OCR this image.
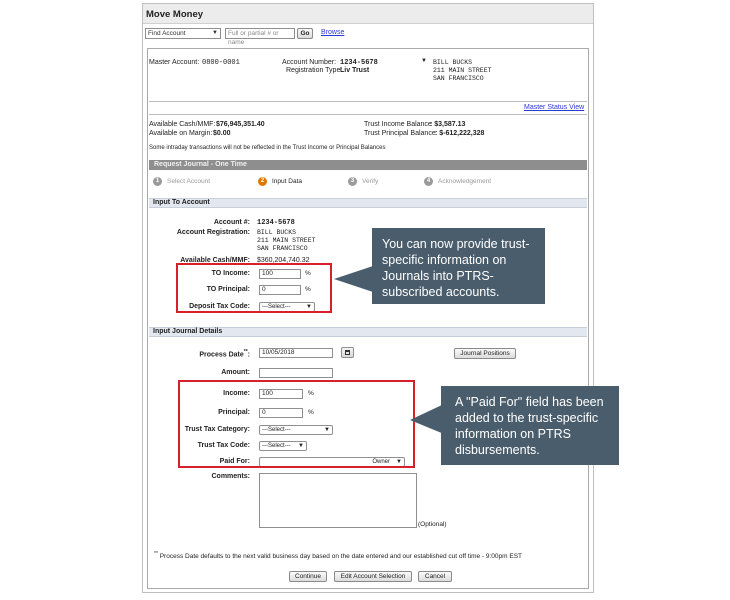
Move Money
Find Account	▼	Full or partial # or name
Go	Browse
Master Account: 0800-0001	Account Number: 1234-5678
Registration Type:
Liv Trust
▼ BILL BUCKS
211 MAIN STREET
SAN FRANCISCO
Master Status View
Available Cash/MMF: $76,945,351.40
Available on Margin: $0.00
Trust Income Balance
: $3,587.13
Trust Principal Balance : $-612,222,328
Some intraday transactions will not be reflected in the Trust Income or Principal Balances
Request Journal - One Time
1	Select Account	2	Input Data	3	Verify	4	Acknowledgement
Input To Account
Account #: 1234-5678
Account Registration: BILL BUCKS
211 MAIN STREET
SAN FRANCISCO
Available Cash/MMF: $360,204,740.32
TO Income:	100	%
TO Principal:	0	%
Deposit Tax Code:	---Select---	▼
Input Journal Details
Process Date**:	10/05/2018	Journal Positions
Amount:
Income:	100	%
Principal:	0	%
Trust Tax Category:	---Select---	▼
Trust Tax Code:	---Select--- ▼
Paid For:	Owner ▼
Comments:
(Optional)
** Process Date defaults to the next valid business day based on the date entered and our established cut off time - 9:00pm EST
Continue	Edit Account Selection	Cancel
You can now provide trust-specific information on Journals into PTRS-subscribed accounts.
A "Paid For" field has been added to the trust-specific information on PTRS disbursements.
